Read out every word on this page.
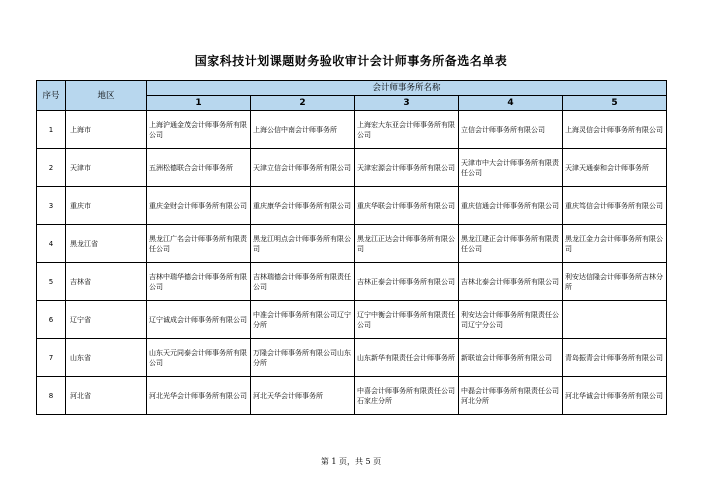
国家科技计划课题财务验收审计会计师事务所备选名单表
序号	地区	会计师事务所名称				
		1	2	3	4	5
1	上海市	上海沪通金茂会计师事务所有限公司	上海公信中南会计师事务所	上海宏大东亚会计师事务所有限公司	立信会计师事务所有限公司	上海灵信会计师事务所有限公司
2	天津市	五洲松德联合会计师事务所	天津立信会计师事务所有限公司	天津宏源会计师事务所有限公司	天津市中大会计师事务所有限责任公司	天津天通泰和会计师事务所
3	重庆市	重庆金财会计师事务所有限公司	重庆康华会计师事务所有限公司	重庆华联会计师事务所有限公司	重庆信通会计师事务所有限公司	重庆笃信会计师事务所有限公司
4	黑龙江省	黑龙江广名会计师事务所有限责任公司	黑龙江明点会计师事务所有限公司	黑龙江正达会计师事务所有限公司	黑龙江建正会计师事务所有限责任公司	黑龙江金力会计师事务所有限公司
5	吉林省	吉林中瑞华德会计师事务所有限公司	吉林瑞德会计师事务所有限责任公司	吉林正泰会计师事务所有限公司	吉林北泰会计师事务所有限公司	利安达信隆会计师事务所吉林分所
6	辽宁省	辽宁诚成会计师事务所有限公司	中准会计师事务所有限公司辽宁分所	辽宁中衡会计师事务所有限责任公司	利安达会计师事务所有限责任公司辽宁分公司	
7	山东省	山东天元同泰会计师事务所有限公司	万隆会计师事务所有限公司山东分所	山东新华有限责任会计师事务所	新联谊会计师事务所有限公司	青岛振青会计师事务所有限公司
8	河北省	河北光华会计师事务所有限公司	河北天华会计师事务所	中喜会计师事务所有限责任公司石家庄分所	中磊会计师事务所有限责任公司河北分所	河北华诚会计师事务所有限公司
第 1 页，共 5 页
